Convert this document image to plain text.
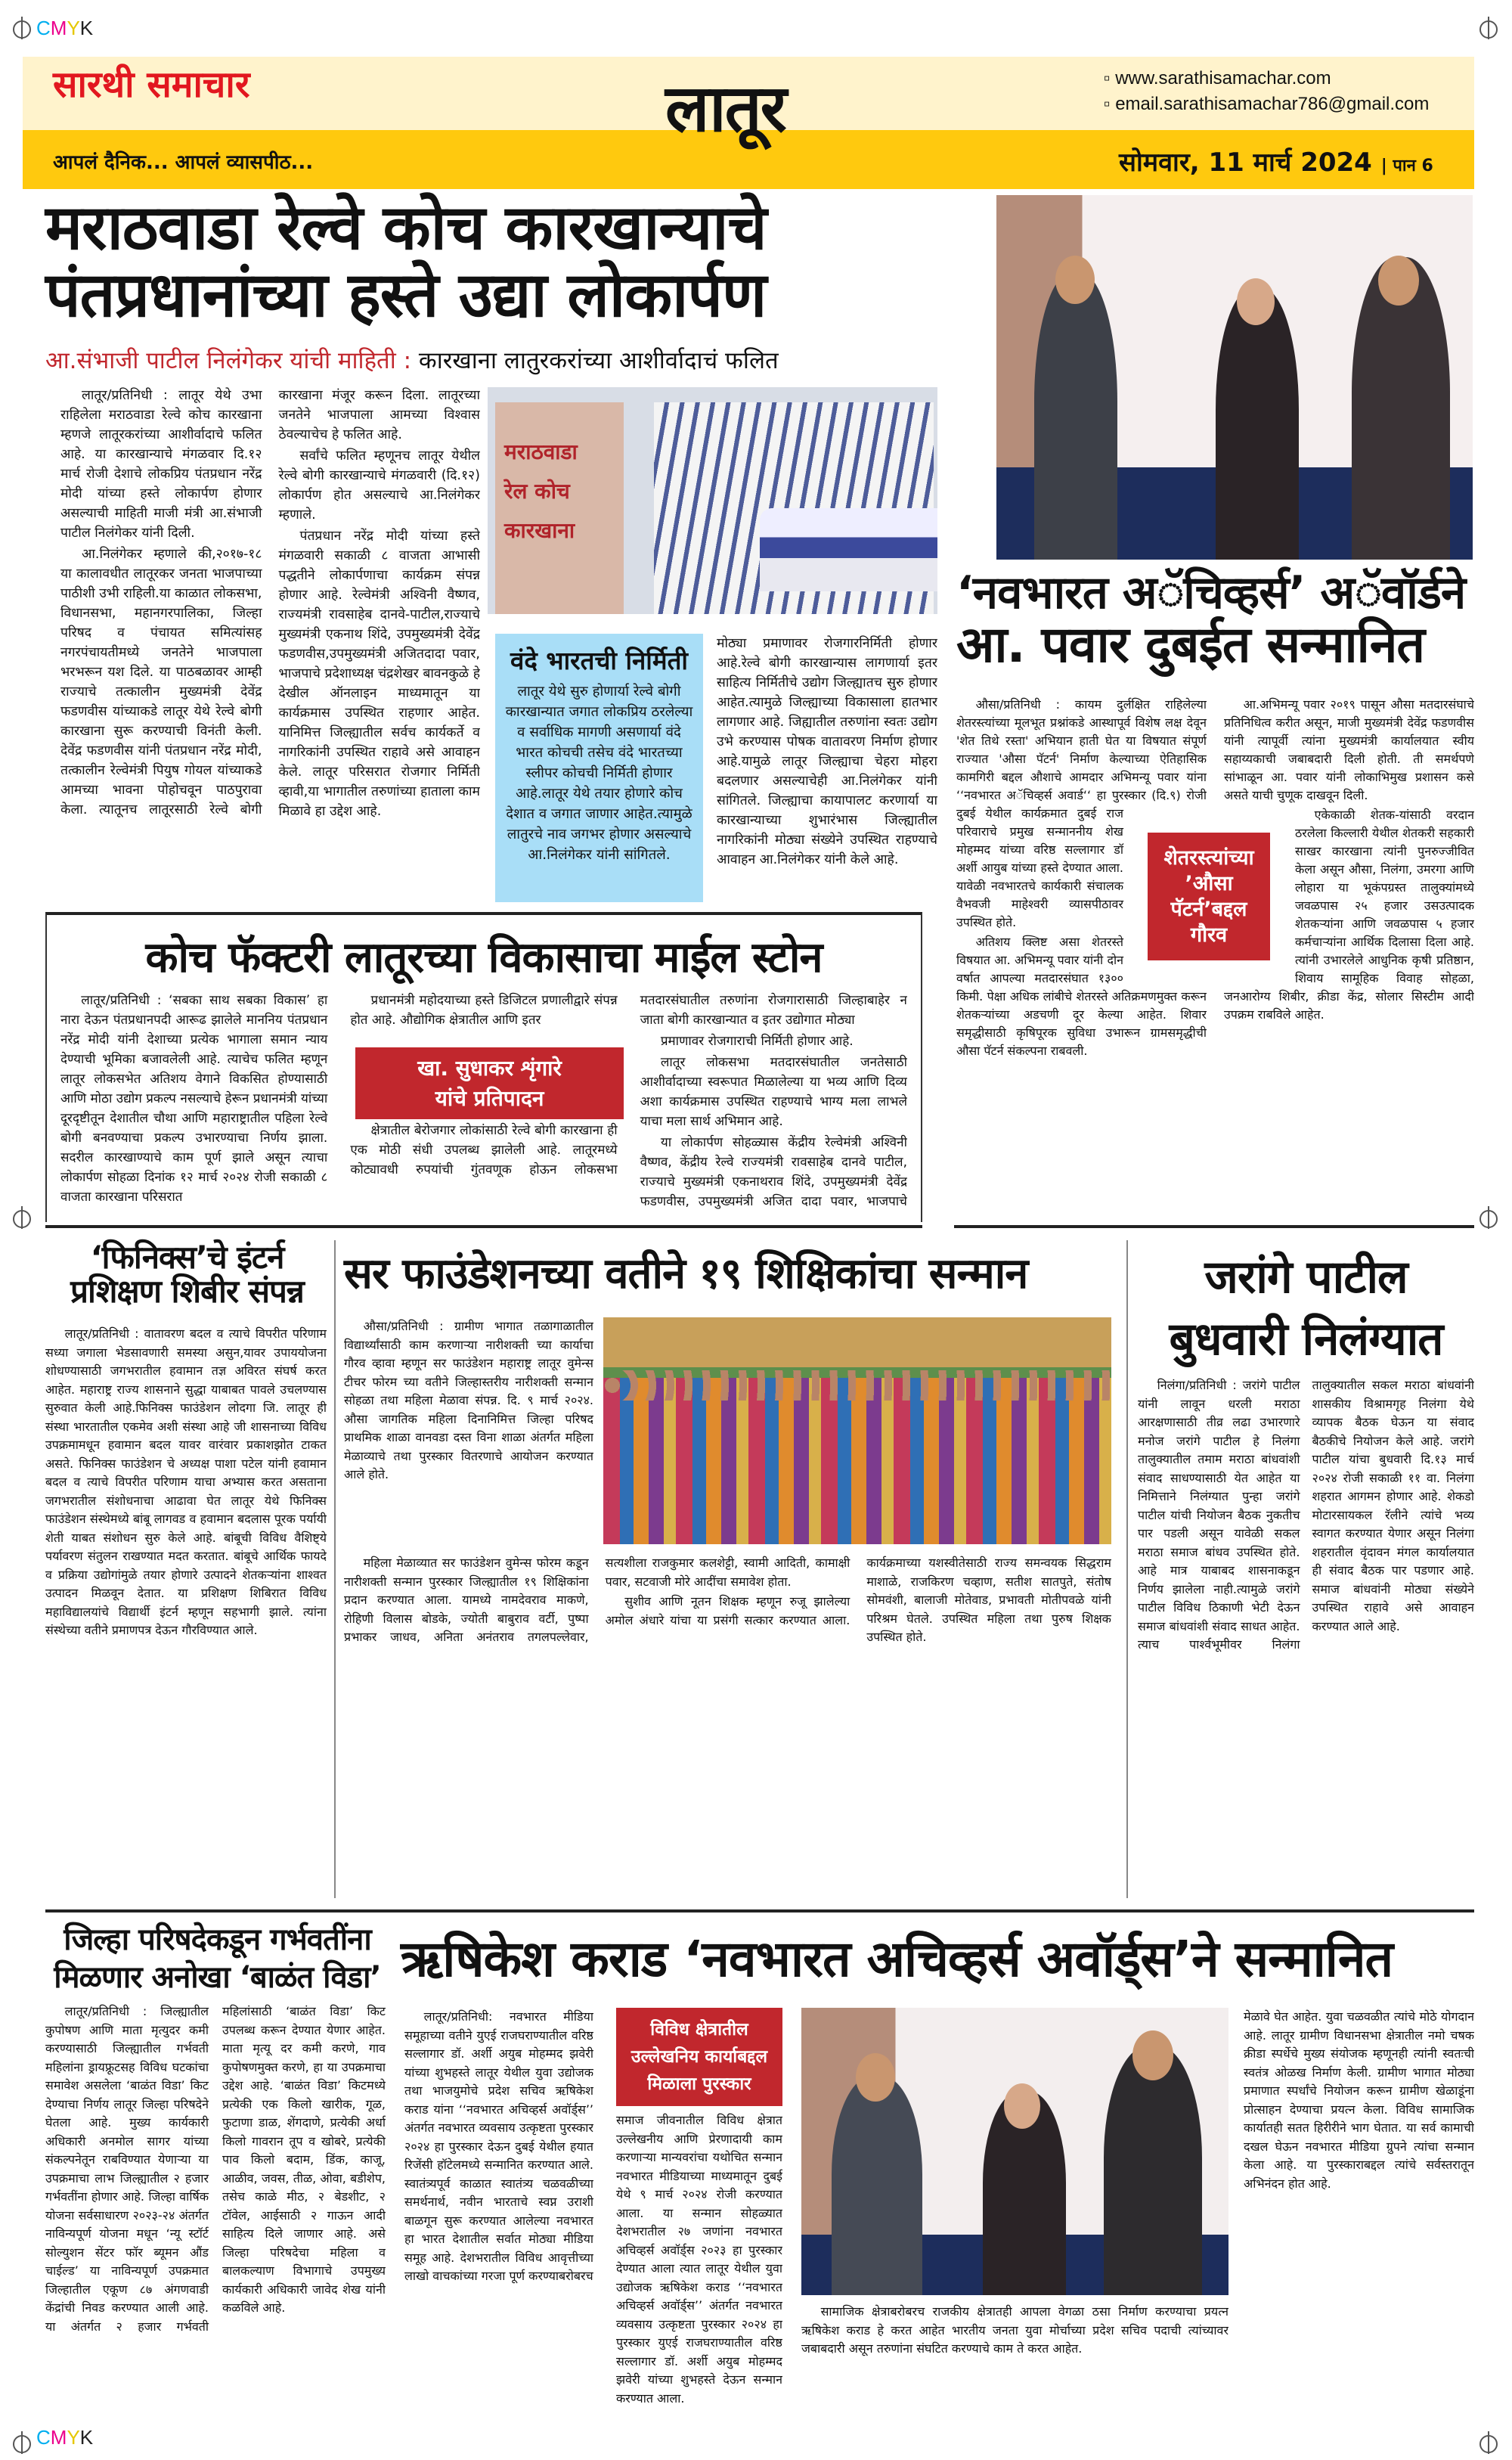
CMYK
CMYK
सारथी समाचार
आपलं दैनिक... आपलं व्यासपीठ...
लातूर	▫ www.sarathisamachar.com
▫ email.sarathisamachar786@gmail.com
सोमवार, 11 मार्च 2024 | पान 6
मराठवाडा रेल्वे कोच कारखान्याचे
पंतप्रधानांच्या हस्ते उद्या लोकार्पण
आ.संभाजी पाटील निलंगेकर यांची माहिती : कारखाना लातुरकरांच्या आशीर्वादाचं फलित

लातूर/प्रतिनिधी : लातूर येथे उभा राहिलेला मराठवाडा रेल्वे कोच कारखाना म्हणजे लातूरकरांच्या आशीर्वादाचे फलित आहे. या कारखान्याचे मंगळवार दि.१२ मार्च रोजी देशाचे लोकप्रिय पंतप्रधान नरेंद्र मोदी यांच्या हस्ते लोकार्पण होणार असल्याची माहिती माजी मंत्री आ.संभाजी पाटील निलंगेकर यांनी दिली.

आ.निलंगेकर म्हणाले की,२०१७-१८ या कालावधीत लातूरकर जनता भाजपाच्या पाठीशी उभी राहिली.या काळात लोकसभा, विधानसभा, महानगरपालिका, जिल्हा परिषद व पंचायत समित्यांसह नगरपंचायतीमध्ये जनतेने भाजपाला भरभरून यश दिले. या पाठबळावर आम्ही राज्याचे तत्कालीन मुख्यमंत्री देवेंद्र फडणवीस यांच्याकडे लातूर येथे रेल्वे बोगी कारखाना सुरू करण्याची विनंती केली. देवेंद्र फडणवीस यांनी पंतप्रधान नरेंद्र मोदी, तत्कालीन रेल्वेमंत्री पियुष गोयल यांच्याकडे आमच्या भावना पोहोचवून पाठपुरावा केला. त्यातूनच लातूरसाठी रेल्वे बोगी कारखाना मंजूर करून दिला. लातूरच्या जनतेने भाजपाला आमच्या विश्वास ठेवल्याचेच हे फलित आहे.

सर्वांचे फलित म्हणूनच लातूर येथील रेल्वे बोगी कारखान्याचे मंगळवारी (दि.१२) लोकार्पण होत असल्याचे आ.निलंगेकर म्हणाले.

पंतप्रधान नरेंद्र मोदी यांच्या हस्ते मंगळवारी सकाळी ८ वाजता आभासी पद्धतीने लोकार्पणाचा कार्यक्रम संपन्न होणार आहे. रेल्वेमंत्री अश्विनी वैष्णव, राज्यमंत्री रावसाहेब दानवे-पाटील,राज्याचे मुख्यमंत्री एकनाथ शिंदे, उपमुख्यमंत्री देवेंद्र फडणवीस,उपमुख्यमंत्री अजितदादा पवार, भाजपाचे प्रदेशाध्यक्ष चंद्रशेखर बावनकुळे हे देखील ऑनलाइन माध्यमातून या कार्यक्रमास उपस्थित राहणार आहेत. यानिमित्त जिल्ह्यातील सर्वच कार्यकर्ते व नागरिकांनी उपस्थित राहावे असे आवाहन केले. लातूर परिसरात रोजगार निर्मिती व्हावी,या भागातील तरुणांच्या हाताला काम मिळावे हा उद्देश आहे.

मराठवाडा
रेल कोच
कारखाना
वंदे भारतची निर्मिती
लातूर येथे सुरु होणार्या रेल्वे बोगी कारखान्यात जगात लोकप्रिय ठरलेल्या व सर्वाधिक मागणी असणार्या वंदे भारत कोचची तसेच वंदे भारतच्या स्लीपर कोचची निर्मिती होणार आहे.लातूर येथे तयार होणारे कोच देशात व जगात जाणार आहेत.त्यामुळे लातुरचे नाव जगभर होणार असल्याचे आ.निलंगेकर यांनी सांगितले.
मोठ्या प्रमाणावर रोजगारनिर्मिती होणार आहे.रेल्वे बोगी कारखान्यास लागणार्या इतर साहित्य निर्मितीचे उद्योग जिल्ह्यातच सुरु होणार आहेत.त्यामुळे जिल्ह्याच्या विकासाला हातभार लागणार आहे. जिह्यातील तरुणांना स्वतः उद्योग उभे करण्यास पोषक वातावरण निर्माण होणार आहे.यामुळे लातूर जिल्ह्याचा चेहरा मोहरा बदलणार असल्याचेही आ.निलंगेकर यांनी सांगितले. जिल्ह्याचा कायापालट करणार्या या कारखान्याच्या शुभारंभास जिल्ह्यातील नागरिकांनी मोठ्या संख्येने उपस्थित राहण्याचे आवाहन आ.निलंगेकर यांनी केले आहे.
‘नवभारत अॅचिव्हर्स’ अॅवॉर्डने
आ. पवार दुबईत सन्मानित

औसा/प्रतिनिधी : कायम दुर्लक्षित राहिलेल्या शेतरस्त्यांच्या मूलभूत प्रश्नांकडे आस्थापूर्व विशेष लक्ष देवून 'शेत तिथे रस्ता' अभियान हाती घेत या विषयात संपूर्ण राज्यात 'औसा पॅटर्न' निर्माण केल्याच्या ऐतिहासिक कामगिरी बद्दल औशाचे आमदार अभिमन्यू पवार यांना ‘‘नवभारत अॅचिव्हर्स अवार्ड‘‘ हा पुरस्कार (दि.९) रोजी दुबई येथील कार्यक्रमात दुबई राज परिवाराचे प्रमुख सन्माननीय शेख मोहम्मद यांच्या वरिष्ठ सल्लागार डॉ अर्शी आयुब यांच्या हस्ते देण्यात आला. यावेळी नवभारतचे कार्यकारी संचालक वैभवजी माहेश्वरी व्यासपीठावर उपस्थित होते.

अतिशय क्लिष्ट असा शेतरस्ते विषयात आ. अभिमन्यू पवार यांनी दोन वर्षात आपल्या मतदारसंघात १३०० किमी. पेक्षा अधिक लांबीचे शेतरस्ते अतिक्रमणमुक्त करून शेतकऱ्यांच्या अडचणी दूर केल्या आहेत. शिवार समृद्धीसाठी कृषिपूरक सुविधा उभारून ग्रामसमृद्धीची औसा पॅटर्न संकल्पना राबवली.

आ.अभिमन्यू पवार २०१९ पासून औसा मतदारसंघाचे प्रतिनिधित्व करीत असून, माजी मुख्यमंत्री देवेंद्र फडणवीस यांनी त्यापूर्वी त्यांना मुख्यमंत्री कार्यालयात स्वीय सहाय्यकाची जबाबदारी दिली होती. ती समर्थपणे सांभाळून आ. पवार यांनी लोकाभिमुख प्रशासन कसे असते याची चुणूक दाखवून दिली.

एकेकाळी शेतक-यांसाठी वरदान ठरलेला किल्लारी येथील शेतकरी सहकारी साखर कारखाना त्यांनी पुनरुज्जीवित केला असून औसा, निलंगा, उमरगा आणि लोहारा या भूकंपग्रस्त तालुक्यांमध्ये जवळपास २५ हजार उसउत्पादक शेतकऱ्यांना आणि जवळपास ५ हजार कर्मचाऱ्यांना आर्थिक दिलासा दिला आहे. त्यांनी उभारलेले आधुनिक कृषी प्रतिष्ठान, शिवाय सामूहिक विवाह सोहळा, जनआरोग्य शिबीर, क्रीडा केंद्र, सोलार सिस्टीम आदी उपक्रम राबविले आहेत.

शेतरस्त्यांच्या
’औसा
पॅटर्न’बद्दल
गौरव
कोच फॅक्टरी लातूरच्या विकासाचा माईल स्टोन

लातूर/प्रतिनिधी : ‘सबका साथ सबका विकास’ हा नारा देऊन पंतप्रधानपदी आरूढ झालेले माननिय पंतप्रधान नरेंद्र मोदी यांनी देशाच्या प्रत्येक भागाला समान न्याय देण्याची भूमिका बजावलेली आहे. त्याचेच फलित म्हणून लातूर लोकसभेत अतिशय वेगाने विकसित होण्यासाठी आणि मोठा उद्योग प्रकल्प नसल्याचे हेरून प्रधानमंत्री यांच्या दूरदृष्टीतून देशातील चौथा आणि महाराष्ट्रातील पहिला रेल्वे बोगी बनवण्याचा प्रकल्प उभारण्याचा निर्णय झाला. सदरील कारखाण्याचे काम पूर्ण झाले असून त्याचा लोकार्पण सोहळा दिनांक १२ मार्च २०२४ रोजी सकाळी ८ वाजता कारखाना परिसरात

प्रधानमंत्री महोदयाच्या हस्ते डिजिटल प्रणालीद्वारे संपन्न होत आहे. औद्योगिक क्षेत्रातील आणि इतर

क्षेत्रातील बेरोजगार लोकांसाठी रेल्वे बोगी कारखाना ही एक मोठी संधी उपलब्ध झालेली आहे. लातूरमध्ये कोट्यावधी रुपयांची गुंतवणूक होऊन लोकसभा मतदारसंघातील तरुणांना रोजगारासाठी जिल्हाबाहेर न जाता बोगी कारखान्यात व इतर उद्योगात मोठ्या

प्रमाणावर रोजगाराची निर्मिती होणार आहे.

लातूर लोकसभा मतदारसंघातील जनतेसाठी आशीर्वादाच्या स्वरूपात मिळालेल्या या भव्य आणि दिव्य अशा कार्यक्रमास उपस्थित राहण्याचे भाग्य मला लाभले याचा मला सार्थ अभिमान आहे.

या लोकार्पण सोहळ्यास केंद्रीय रेल्वेमंत्री अश्विनी वैष्णव, केंद्रीय रेल्वे राज्यमंत्री रावसाहेब दानवे पाटील, राज्याचे मुख्यमंत्री एकनाथराव शिंदे, उपमुख्यमंत्री देवेंद्र फडणवीस, उपमुख्यमंत्री अजित दादा पवार, भाजपाचे

खा. सुधाकर शृंगारे
यांचे प्रतिपादन
‘फिनिक्स’चे इंटर्न
प्रशिक्षण शिबीर संपन्न

लातूर/प्रतिनिधी : वातावरण बदल व त्याचे विपरीत परिणाम सध्या जगाला भेडसावणारी समस्या असुन,यावर उपाययोजना शोधण्यासाठी जगभरातील हवामान तज्ञ अविरत संघर्ष करत आहेत. महाराष्ट्र राज्य शासनाने सुद्धा याबाबत पावले उचलण्यास सुरुवात केली आहे.फिनिक्स फाउंडेशन लोदगा जि. लातूर ही संस्था भारतातील एकमेव अशी संस्था आहे जी शासनाच्या विविध उपक्रमामधून हवामान बदल यावर वारंवार प्रकाशझोत टाकत असते. फिनिक्स फाउंडेशन चे अध्यक्ष पाशा पटेल यांनी हवामान बदल व त्याचे विपरीत परिणाम याचा अभ्यास करत असताना जगभरातील संशोधनाचा आढावा घेत लातूर येथे फिनिक्स फाउंडेशन संस्थेमध्ये बांबू लागवड व हवामान बदलास पूरक पर्यायी शेती याबत संशोधन सुरु केले आहे. बांबूची विविध वैशिष्ट्ये पर्यावरण संतुलन राखण्यात मदत करतात. बांबूचे आर्थिक फायदे व प्रक्रिया उद्योगांमुळे तयार होणारे उत्पादने शेतकऱ्यांना शाश्वत उत्पादन मिळवून देतात. या प्रशिक्षण शिबिरात विविध महाविद्यालयांचे विद्यार्थी इंटर्न म्हणून सहभागी झाले. त्यांना संस्थेच्या वतीने प्रमाणपत्र देऊन गौरविण्यात आले.

सर फाउंडेशनच्या वतीने १९ शिक्षिकांचा सन्मान

औसा/प्रतिनिधी : ग्रामीण भागात तळागाळातील विद्यार्थ्यांसाठी काम करणाऱ्या नारीशक्ती च्या कार्याचा गौरव व्हावा म्हणून सर फाउंडेशन महाराष्ट्र लातूर वुमेन्स टीचर फोरम च्या वतीने जिल्हास्तरीय नारीशक्ती सन्मान सोहळा तथा महिला मेळावा संपन्न. दि. ९ मार्च २०२४. औसा जागतिक महिला दिनानिमित्त जिल्हा परिषद प्राथमिक शाळा वानवडा दस्त विना शाळा अंतर्गत महिला मेळाव्याचे तथा पुरस्कार वितरणाचे आयोजन करण्यात आले होते.

महिला मेळाव्यात सर फाउंडेशन वुमेन्स फोरम कडून नारीशक्ती सन्मान पुरस्कार जिल्ह्यातील १९ शिक्षिकांना प्रदान करण्यात आला. यामध्ये नामदेवराव माकणे, रोहिणी विलास बोडके, ज्योती बाबुराव वर्टी, पुष्पा प्रभाकर जाधव, अनिता अनंतराव तगलपल्लेवार, सत्यशीला राजकुमार कलशेट्टी, स्वामी आदिती, कामाक्षी पवार, सटवाजी मोरे आदींचा समावेश होता.

सुशीव आणि नूतन शिक्षक म्हणून रुजू झालेल्या अमोल अंधारे यांचा या प्रसंगी सत्कार करण्यात आला. कार्यक्रमाच्या यशस्वीतेसाठी राज्य समन्वयक सिद्धराम माशाळे, राजकिरण चव्हाण, सतीश सातपुते, संतोष सोमवंशी, बालाजी मोतेवाड, प्रभावती मोतीपवळे यांनी परिश्रम घेतले. उपस्थित महिला तथा पुरुष शिक्षक उपस्थित होते.

जरांगे पाटील
बुधवारी निलंग्यात

निलंगा/प्रतिनिधी : जरांगे पाटील यांनी लावून धरली मराठा आरक्षणासाठी तीव्र लढा उभारणारे मनोज जरांगे पाटील हे निलंगा तालुक्यातील तमाम मराठा बांधवांशी संवाद साधण्यासाठी येत आहेत या निमित्ताने निलंग्यात पुन्हा जरांगे पाटील यांची नियोजन बैठक नुकतीच पार पडली असून यावेळी सकल मराठा समाज बांधव उपस्थित होते. आहे मात्र याबाबद शासनाकडून निर्णय झालेला नाही.त्यामुळे जरांगे पाटील विविध ठिकाणी भेटी देऊन समाज बांधवांशी संवाद साधत आहेत. त्याच पार्श्वभूमीवर निलंगा तालुक्यातील सकल मराठा बांधवांनी शासकीय विश्रामगृह निलंगा येथे व्यापक बैठक घेऊन या संवाद बैठकीचे नियोजन केले आहे. जरांगे पाटील यांचा बुधवारी दि.१३ मार्च २०२४ रोजी सकाळी ११ वा. निलंगा शहरात आगमन होणार आहे. शेकडो मोटारसायकल रॅलीने त्यांचे भव्य स्वागत करण्यात येणार असून निलंगा शहरातील वृंदावन मंगल कार्यालयात ही संवाद बैठक पार पडणार आहे. समाज बांधवांनी मोठ्या संख्येने उपस्थित राहावे असे आवाहन करण्यात आले आहे.

जिल्हा परिषदेकडून गर्भवतींना
मिळणार अनोखा ‘बाळंत विडा’

लातूर/प्रतिनिधी : जिल्ह्यातील कुपोषण आणि माता मृत्युदर कमी करण्यासाठी जिल्ह्यातील गर्भवती महिलांना ड्रायफ्रूटसह विविध घटकांचा समावेश असलेला ‘बाळंत विडा’ किट देण्याचा निर्णय लातूर जिल्हा परिषदेने घेतला आहे. मुख्य कार्यकारी अधिकारी अनमोल सागर यांच्या संकल्पनेतून राबविण्यात येणाऱ्या या उपक्रमाचा लाभ जिल्ह्यातील २ हजार गर्भवतींना होणार आहे. जिल्हा वार्षिक योजना सर्वसाधारण २०२३-२४ अंतर्गत नाविन्यपूर्ण योजना मधून ‘न्यू स्टॉर्ट सोल्युशन सेंटर फॉर ब्यूमन औंड चाईल्ड’ या नाविन्यपूर्ण उपक्रमात जिल्हातील एकूण ८७ अंगणवाडी केंद्रांची निवड करण्यात आली आहे. या अंतर्गत २ हजार गर्भवती महिलांसाठी ‘बाळंत विडा’ किट उपलब्ध करून देण्यात येणार आहेत. माता मृत्यू दर कमी करणे, गाव कुपोषणमुक्त करणे, हा या उपक्रमाचा उद्देश आहे. ‘बाळंत विडा’ किटमध्ये प्रत्येकी एक किलो खारीक, गूळ, फुटाणा डाळ, शेंगदाणे, प्रत्येकी अर्धा किलो गावरान तूप व खोबरे, प्रत्येकी पाव किलो बदाम, डिंक, काजू, आळीव, जवस, तीळ, ओवा, बडीशेप, तसेच काळे मीठ, २ बेडशीट, २ टॉवेल, आईसाठी २ गाऊन आदी साहित्य दिले जाणार आहे. असे जिल्हा परिषदेचा महिला व बालकल्याण विभागाचे उपमुख्य कार्यकारी अधिकारी जावेद शेख यांनी कळविले आहे.

ऋषिकेश कराड ‘नवभारत अचिव्हर्स अवॉर्ड्स’ने सन्मानित

लातूर/प्रतिनिधी: नवभारत मीडिया समूहाच्या वतीने युएई राजघराण्यातील वरिष्ठ सल्लागार डॉ. अर्शी अयुब मोहम्मद झवेरी यांच्या शुभहस्ते लातूर येथील युवा उद्योजक तथा भाजयुमोचे प्रदेश सचिव ऋषिकेश कराड यांना ‘‘नवभारत अचिव्हर्स अवॉर्ड्स’’ अंतर्गत नवभारत व्यवसाय उत्कृष्टता पुरस्कार २०२४ हा पुरस्कार देऊन दुबई येथील हयात रिजेंसी हॉटेलमध्ये सन्मानित करण्यात आले. स्वातंत्र्यपूर्व काळात स्वातंत्र्य चळवळीच्या समर्थनार्थ, नवीन भारताचे स्वप्न उराशी बाळगून सुरू करण्यात आलेल्या नवभारत हा भारत देशातील सर्वात मोठ्या मीडिया समूह आहे. देशभरातील विविध आवृत्तीच्या लाखो वाचकांच्या गरजा पूर्ण करण्याबरोबरच

विविध क्षेत्रातील
उल्लेखनिय कार्याबद्दल
मिळाला पुरस्कार
समाज जीवनातील विविध क्षेत्रात उल्लेखनीय आणि प्रेरणादायी काम करणाऱ्या मान्यवरांचा यथोचित सन्मान नवभारत मीडियाच्या माध्यमातून दुबई येथे ९ मार्च २०२४ रोजी करण्यात आला. या सन्मान सोहळ्यात देशभरातील २७ जणांना नवभारत अचिव्हर्स अवॉर्ड्स २०२३ हा पुरस्कार देण्यात आला त्यात लातूर येथील युवा उद्योजक ऋषिकेश कराड ‘‘नवभारत अचिव्हर्स अवॉर्ड्स’’ अंतर्गत नवभारत व्यवसाय उत्कृष्टता पुरस्कार २०२४ हा पुरस्कार युएई राजघराण्यातील वरिष्ठ सल्लागार डॉ. अर्शी अयुब मोहम्मद झवेरी यांच्या शुभहस्ते देऊन सन्मान करण्यात आला.

सामाजिक क्षेत्राबरोबरच राजकीय क्षेत्रातही आपला वेगळा ठसा निर्माण करण्याचा प्रयत्न ऋषिकेश कराड हे करत आहेत भारतीय जनता युवा मोर्चाच्या प्रदेश सचिव पदाची त्यांच्यावर जबाबदारी असून तरुणांना संघटित करण्याचे काम ते करत आहेत.

मेळावे घेत आहेत. युवा चळवळीत त्यांचे मोठे योगदान आहे. लातूर ग्रामीण विधानसभा क्षेत्रातील नमो चषक क्रीडा स्पर्धेचे मुख्य संयोजक म्हणूनही त्यांनी स्वतःची स्वतंत्र ओळख निर्माण केली. ग्रामीण भागात मोठ्या प्रमाणात स्पर्धांचे नियोजन करून ग्रामीण खेळाडूंना प्रोत्साहन देण्याचा प्रयत्न केला. विविध सामाजिक कार्यातही सतत हिरीरीने भाग घेतात. या सर्व कामाची दखल घेऊन नवभारत मीडिया ग्रुपने त्यांचा सन्मान केला आहे. या पुरस्काराबद्दल त्यांचे सर्वस्तरातून अभिनंदन होत आहे.
